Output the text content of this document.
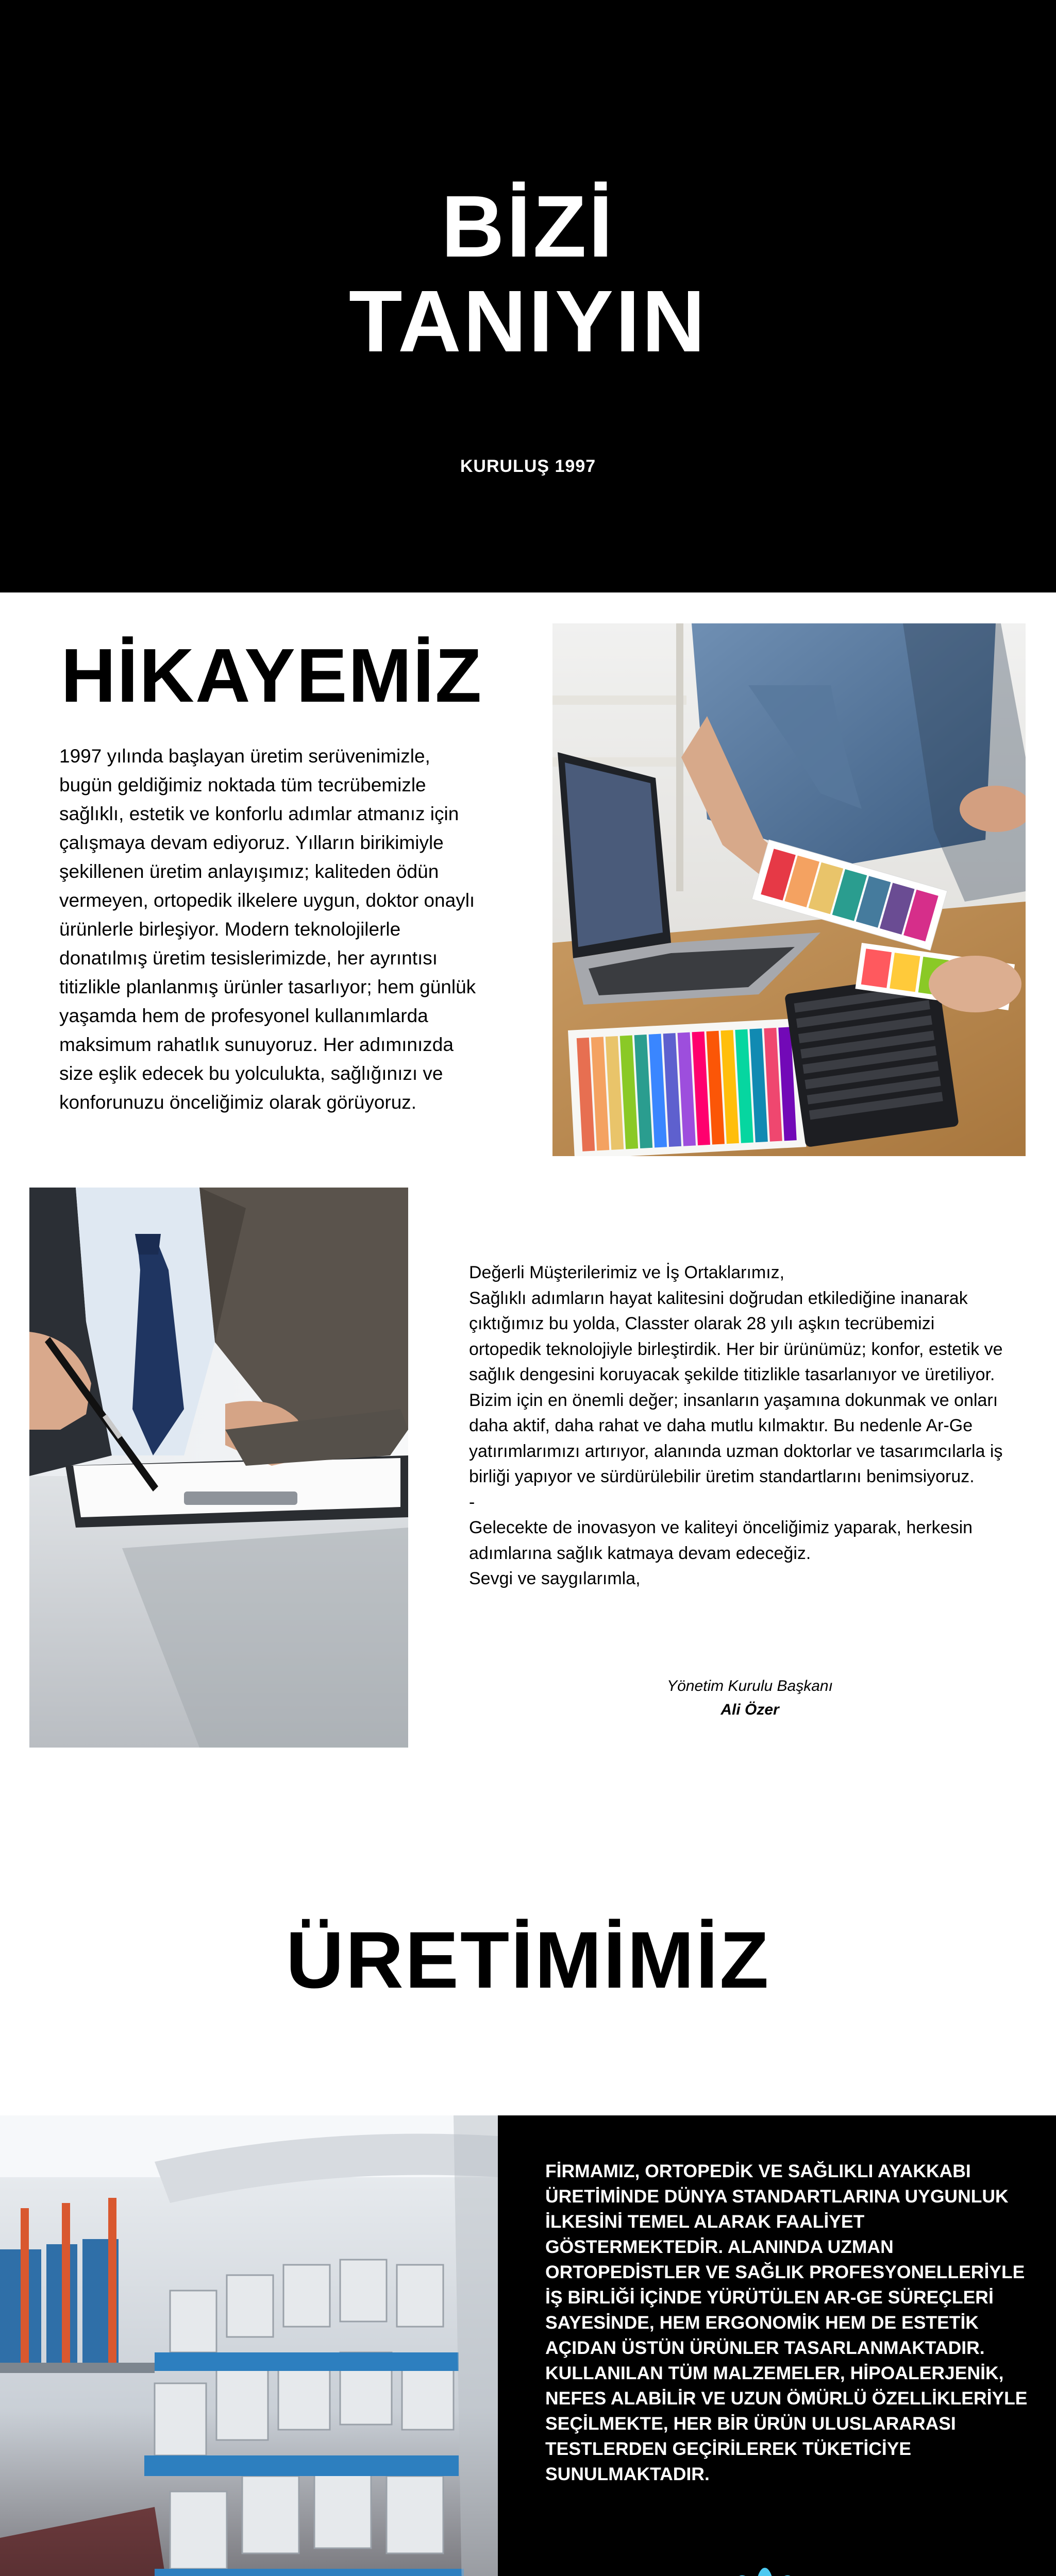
BİZİ
TANIYIN
KURULUŞ 1997
HİKAYEMİZ

1997 yılında başlayan üretim serüvenimizle, bugün geldiğimiz noktada tüm tecrübemizle sağlıklı, estetik ve konforlu adımlar atmanız için çalışmaya devam ediyoruz. Yılların birikimiyle şekillenen üretim anlayışımız; kaliteden ödün vermeyen, ortopedik ilkelere uygun, doktor onaylı ürünlerle birleşiyor. Modern teknolojilerle donatılmış üretim tesislerimizde, her ayrıntısı titizlikle planlanmış ürünler tasarlıyor; hem günlük yaşamda hem de profesyonel kullanımlarda maksimum rahatlık sunuyoruz. Her adımınızda size eşlik edecek bu yolculukta, sağlığınızı ve konforunuzu önceliğimiz olarak görüyoruz.

Değerli Müşterilerimiz ve İş Ortaklarımız,

Sağlıklı adımların hayat kalitesini doğrudan etkilediğine inanarak çıktığımız bu yolda, Classter olarak 28 yılı aşkın tecrübemizi ortopedik teknolojiyle birleştirdik. Her bir ürünümüz; konfor, estetik ve sağlık dengesini koruyacak şekilde titizlikle tasarlanıyor ve üretiliyor.

Bizim için en önemli değer; insanların yaşamına dokunmak ve onları daha aktif, daha rahat ve daha mutlu kılmaktır. Bu nedenle Ar-Ge yatırımlarımızı artırıyor, alanında uzman doktorlar ve tasarımcılarla iş birliği yapıyor ve sürdürülebilir üretim standartlarını benimsiyoruz.

-

Gelecekte de inovasyon ve kaliteyi önceliğimiz yaparak, herkesin adımlarına sağlık katmaya devam edeceğiz.

Sevgi ve saygılarımla,

Yönetim Kurulu Başkanı
Ali Özer
ÜRETİMİMİZ

FİRMAMIZ, ORTOPEDİK VE SAĞLIKLI AYAKKABI ÜRETİMİNDE DÜNYA STANDARTLARINA UYGUNLUK İLKESİNİ TEMEL ALARAK FAALİYET GÖSTERMEKTEDİR. ALANINDA UZMAN ORTOPEDİSTLER VE SAĞLIK PROFESYONELLERİYLE İŞ BİRLİĞİ İÇİNDE YÜRÜTÜLEN AR-GE SÜREÇLERİ SAYESİNDE, HEM ERGONOMİK HEM DE ESTETİK AÇIDAN ÜSTÜN ÜRÜNLER TASARLANMAKTADIR. KULLANILAN TÜM MALZEMELER, HİPOALERJENİK, NEFES ALABİLİR VE UZUN ÖMÜRLÜ ÖZELLİKLERİYLE SEÇİLMEKTE, HER BİR ÜRÜN ULUSLARARASI TESTLERDEN GEÇİRİLEREK TÜKETİCİYE SUNULMAKTADIR.
